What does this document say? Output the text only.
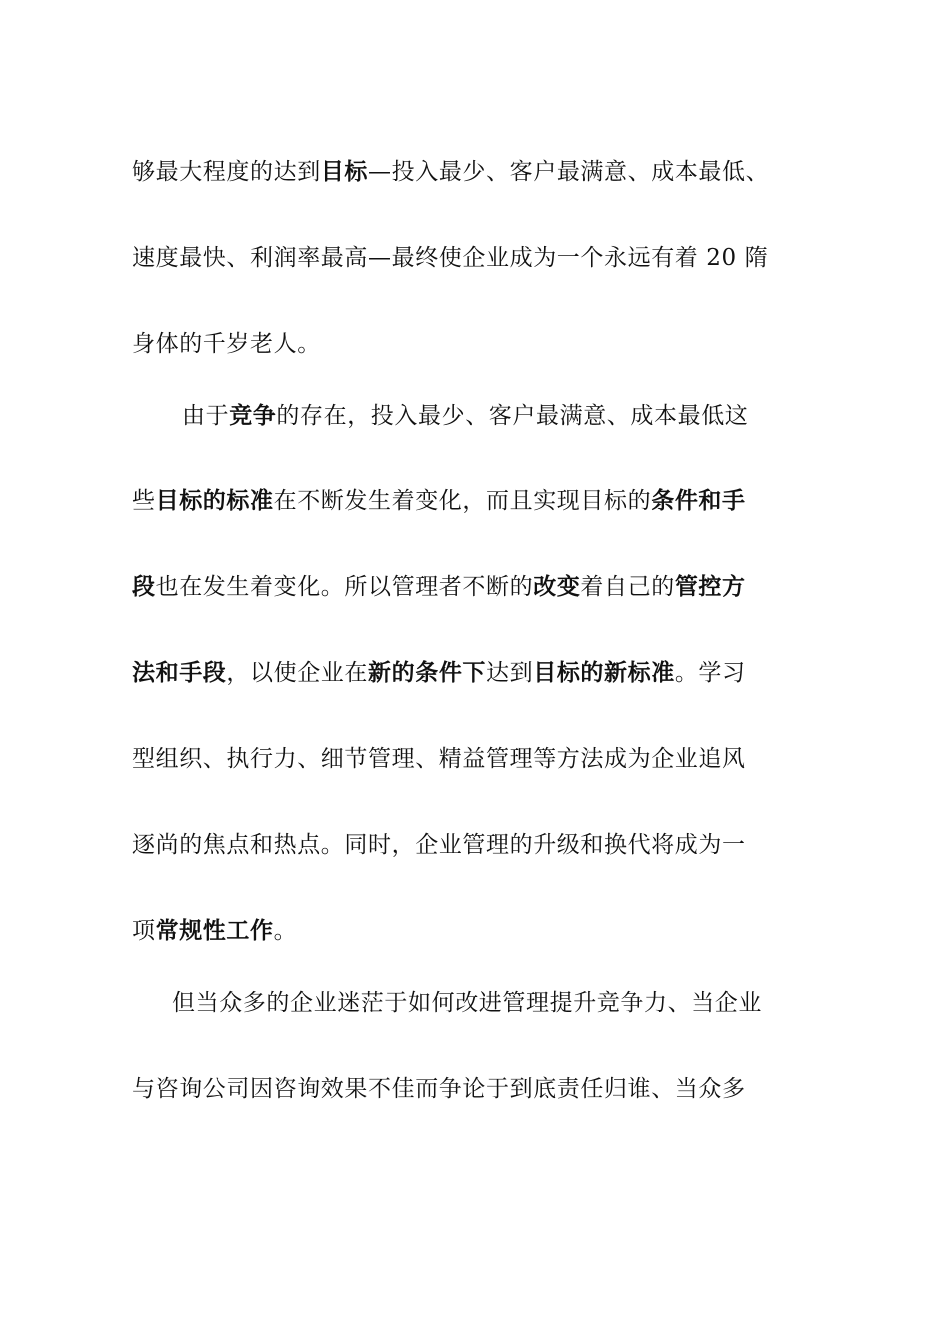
够最大程度的达到目标—投入最少、客户最满意、成本最低、
速度最快、利润率最高—最终使企业成为一个永远有着 20 隋
身体的千岁老人。
由于竞争的存在，投入最少、客户最满意、成本最低这
些目标的标准在不断发生着变化，而且实现目标的条件和手
段也在发生着变化。所以管理者不断的改变着自己的管控方
法和手段，以使企业在新的条件下达到目标的新标准。学习
型组织、执行力、细节管理、精益管理等方法成为企业追风
逐尚的焦点和热点。同时，企业管理的升级和换代将成为一
项常规性工作。
但当众多的企业迷茫于如何改进管理提升竞争力、当企业
与咨询公司因咨询效果不佳而争论于到底责任归谁、当众多
